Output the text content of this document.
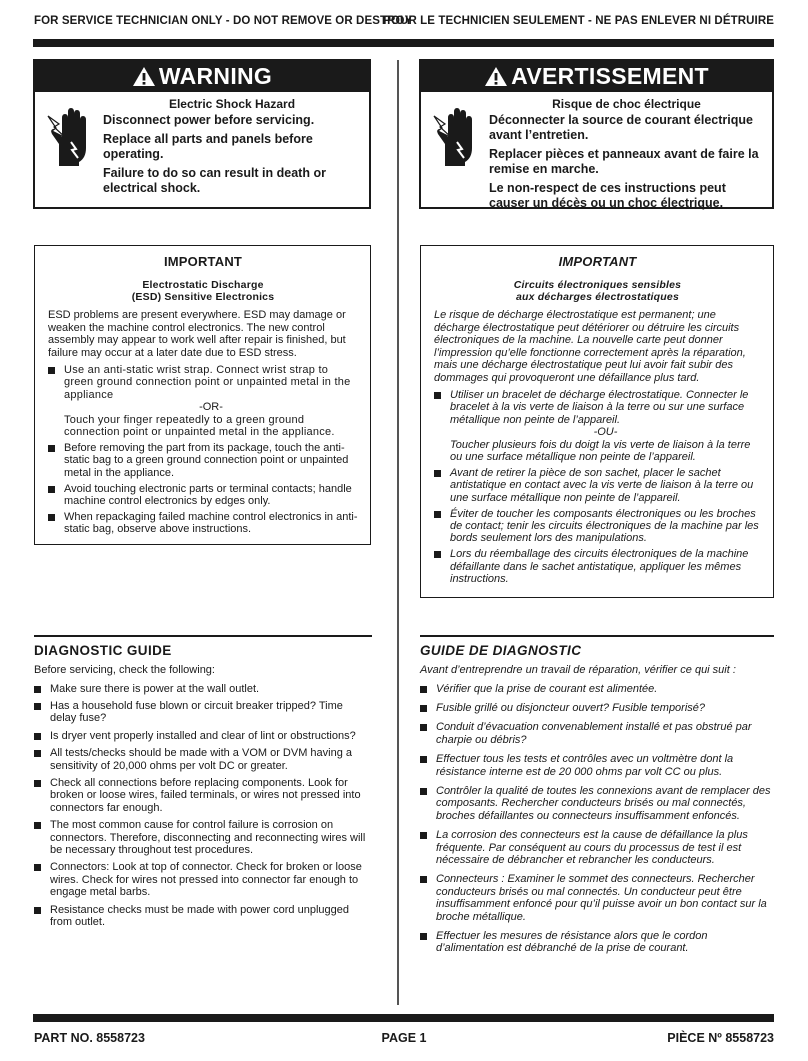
FOR SERVICE TECHNICIAN ONLY - DO NOT REMOVE OR DESTROY
POUR LE TECHNICIEN SEULEMENT - NE PAS ENLEVER NI DÉTRUIRE
WARNING
Electric Shock Hazard

Disconnect power before servicing.

Replace all parts and panels before operating.

Failure to do so can result in death or electrical shock.

AVERTISSEMENT
Risque de choc électrique

Déconnecter la source de courant électrique avant l’entretien.

Replacer pièces et panneaux avant de faire la remise en marche.

Le non-respect de ces instructions peut causer un décès ou un choc électrique.

IMPORTANT
Electrostatic Discharge
(ESD) Sensitive Electronics
ESD problems are present everywhere. ESD may damage or weaken the machine control electronics. The new control assembly may appear to work well after repair is finished, but failure may occur at a later date due to ESD stress.
Use an anti-static wrist strap. Connect wrist strap to green ground connection point or unpainted metal in the appliance
-OR-
Touch your finger repeatedly to a green ground connection point or unpainted metal in the appliance.
Before removing the part from its package, touch the anti-static bag to a green ground connection point or unpainted metal in the appliance.
Avoid touching electronic parts or terminal contacts; handle machine control electronics by edges only.
When repackaging failed machine control electronics in anti-static bag, observe above instructions.
IMPORTANT
Circuits électroniques sensibles
aux décharges électrostatiques
Le risque de décharge électrostatique est permanent; une décharge électrostatique peut détériorer ou détruire les circuits électroniques de la machine. La nouvelle carte peut donner l’impression qu’elle fonctionne correctement après la réparation, mais une décharge électrostatique peut lui avoir fait subir des dommages qui provoqueront une défaillance plus tard.
Utiliser un bracelet de décharge électrostatique. Connecter le bracelet à la vis verte de liaison à la terre ou sur une surface métallique non peinte de l’appareil.
-OU-
Toucher plusieurs fois du doigt la vis verte de liaison à la terre ou une surface métallique non peinte de l’appareil.
Avant de retirer la pièce de son sachet, placer le sachet antistatique en contact avec la vis verte de liaison à la terre ou une surface métallique non peinte de l’appareil.
Éviter de toucher les composants électroniques ou les broches de contact; tenir les circuits électroniques de la machine par les bords seulement lors des manipulations.
Lors du réemballage des circuits électroniques de la machine défaillante dans le sachet antistatique, appliquer les mêmes instructions.
DIAGNOSTIC GUIDE
Before servicing, check the following:
Make sure there is power at the wall outlet.
Has a household fuse blown or circuit breaker tripped? Time delay fuse?
Is dryer vent properly installed and clear of lint or obstructions?
All tests/checks should be made with a VOM or DVM having a sensitivity of 20,000 ohms per volt DC or greater.
Check all connections before replacing components. Look for broken or loose wires, failed terminals, or wires not pressed into connectors far enough.
The most common cause for control failure is corrosion on connectors. Therefore, disconnecting and reconnecting wires will be necessary throughout test procedures.
Connectors: Look at top of connector. Check for broken or loose wires. Check for wires not pressed into connector far enough to engage metal barbs.
Resistance checks must be made with power cord unplugged from outlet.
GUIDE DE DIAGNOSTIC
Avant d’entreprendre un travail de réparation, vérifier ce qui suit :
Vérifier que la prise de courant est alimentée.
Fusible grillé ou disjoncteur ouvert? Fusible temporisé?
Conduit d’évacuation convenablement installé et pas obstrué par charpie ou débris?
Effectuer tous les tests et contrôles avec un voltmètre dont la résistance interne est de 20 000 ohms par volt CC ou plus.
Contrôler la qualité de toutes les connexions avant de remplacer des composants. Rechercher conducteurs brisés ou mal connectés, broches défaillantes ou connecteurs insuffisamment enfoncés.
La corrosion des connecteurs est la cause de défaillance la plus fréquente. Par conséquent au cours du processus de test il est nécessaire de débrancher et rebrancher les conducteurs.
Connecteurs : Examiner le sommet des connecteurs. Rechercher conducteurs brisés ou mal connectés. Un conducteur peut être insuffisamment enfoncé pour qu’il puisse avoir un bon contact sur la broche métallique.
Effectuer les mesures de résistance alors que le cordon d’alimentation est débranché de la prise de courant.
PART NO. 8558723	PAGE 1	PIÈCE Nº 8558723
